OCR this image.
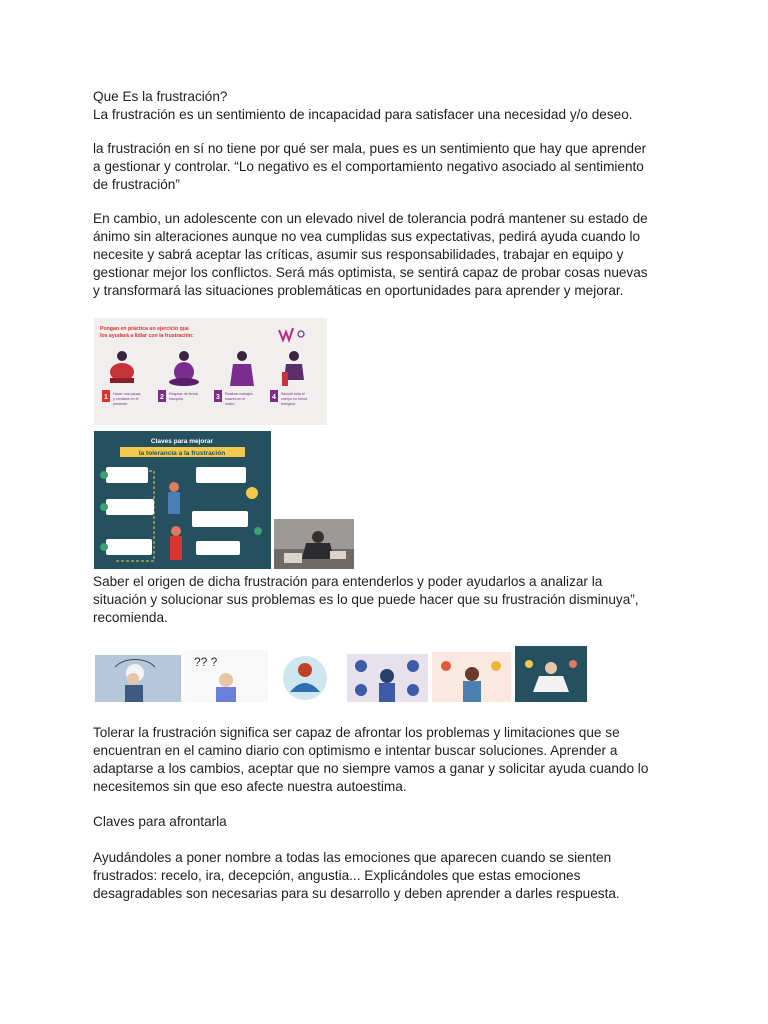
Que Es la frustración?
La frustración es un sentimiento de incapacidad para satisfacer una necesidad y/o deseo.
la frustración en sí no tiene por qué ser mala, pues es un sentimiento que hay que aprender
a gestionar y controlar. “Lo negativo es el comportamiento negativo asociado al sentimiento
de frustración”
En cambio, un adolescente con un elevado nivel de tolerancia podrá mantener su estado de
ánimo sin alteraciones aunque no vea cumplidas sus expectativas, pedirá ayuda cuando lo
necesite y sabrá aceptar las críticas, asumir sus responsabilidades, trabajar en equipo y
gestionar mejor los conflictos. Será más optimista, se sentirá capaz de probar cosas nuevas
y transformará las situaciones problemáticas en oportunidades para aprender y mejorar.
Pongan en práctica un ejercicio que
los ayudará a lidiar con la frustración:
1 Hacer una pausa
y contarse en el
presente.
2 Respirar de forma
tranquila.	3 Realizar masajes
suaves en el
rostro.
4 Sacudir todo el
cuerpo en forma
enérgica.
Claves para mejorar
la tolerancia a la frustración
Saber el origen de dicha frustración para entenderlos y poder ayudarlos a analizar la
situación y solucionar sus problemas es lo que puede hacer que su frustración disminuya”,
recomienda.
?? ?
Tolerar la frustración significa ser capaz de afrontar los problemas y limitaciones que se
encuentran en el camino diario con optimismo e intentar buscar soluciones. Aprender a
adaptarse a los cambios, aceptar que no siempre vamos a ganar y solicitar ayuda cuando lo
necesitemos sin que eso afecte nuestra autoestima.
Claves para afrontarla
Ayudándoles a poner nombre a todas las emociones que aparecen cuando se sienten
frustrados: recelo, ira, decepción, angustia... Explicándoles que estas emociones
desagradables son necesarias para su desarrollo y deben aprender a darles respuesta.
